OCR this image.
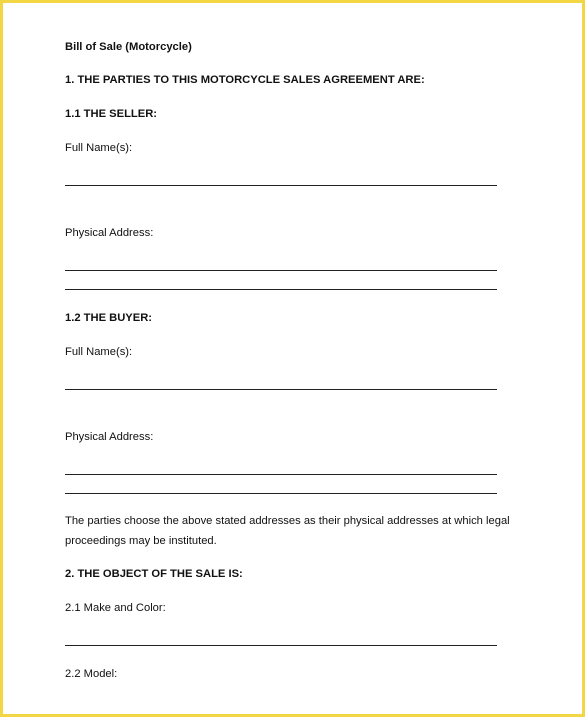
Bill of Sale (Motorcycle)
1. THE PARTIES TO THIS MOTORCYCLE SALES AGREEMENT ARE:
1.1 THE SELLER:
Full Name(s):
Physical Address:
1.2 THE BUYER:
Full Name(s):
Physical Address:
The parties choose the above stated addresses as their physical addresses at which legal
proceedings may be instituted.
2. THE OBJECT OF THE SALE IS:
2.1 Make and Color:
2.2 Model:
